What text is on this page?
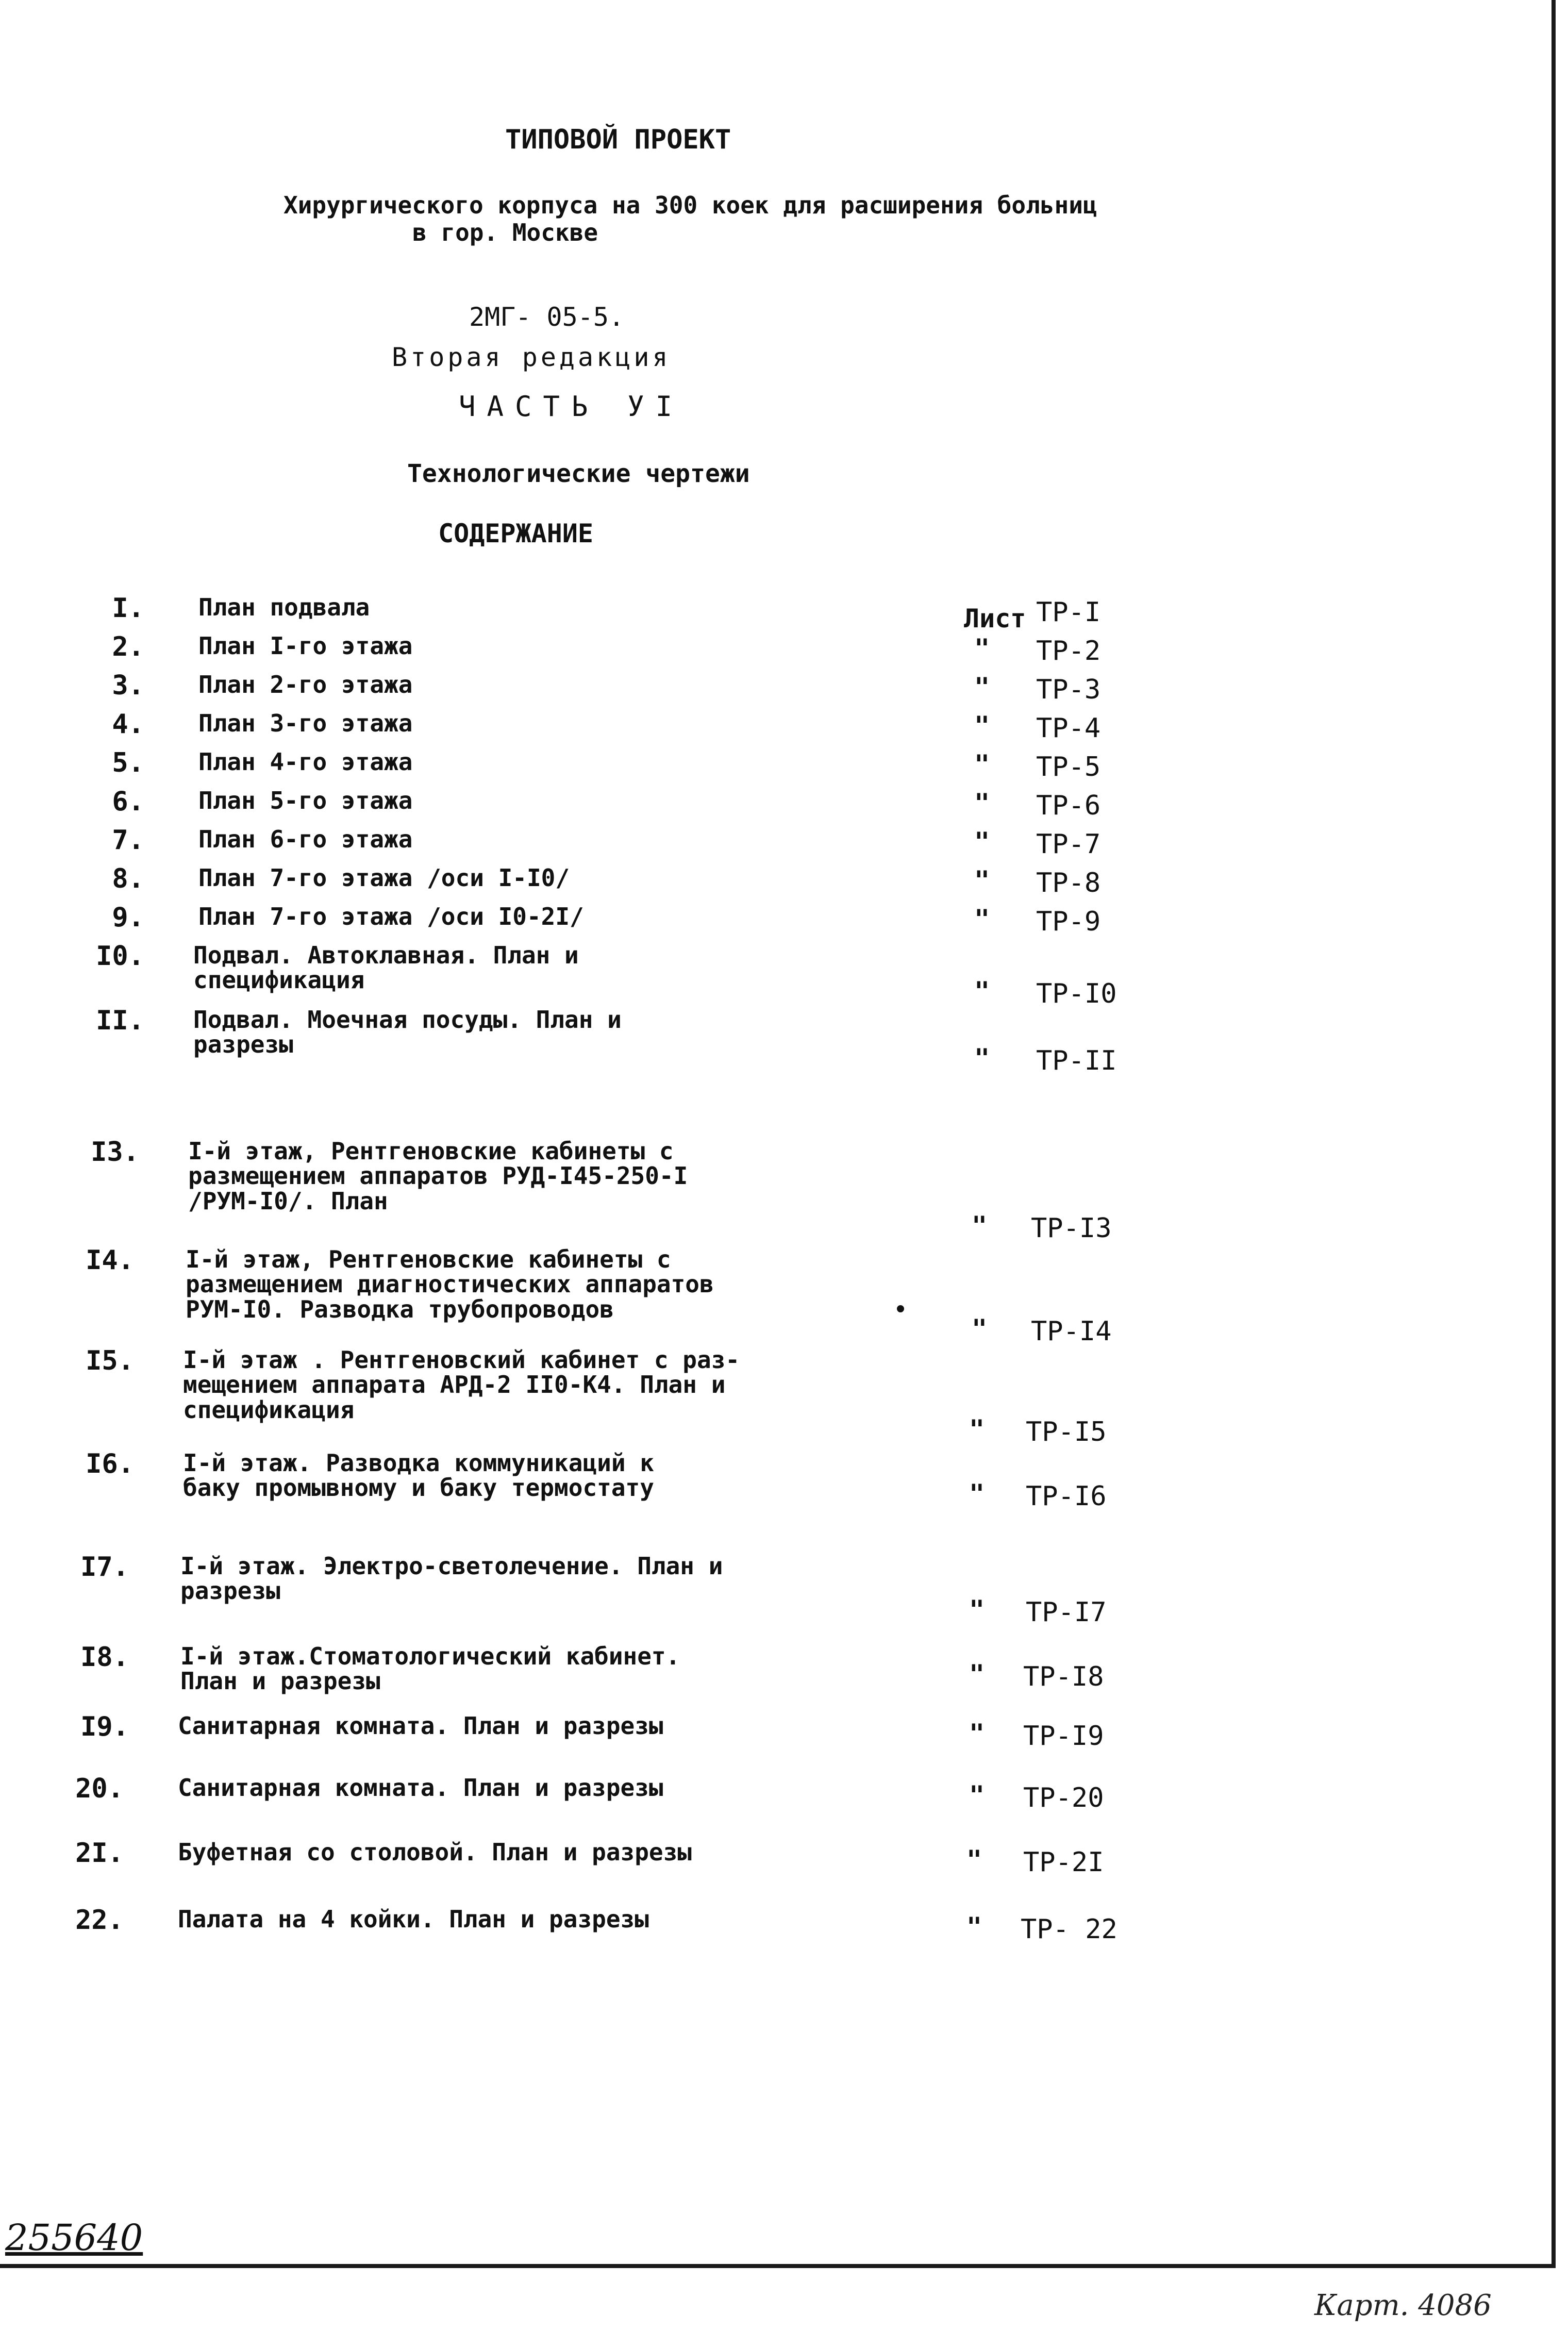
ТИПОВОЙ ПРОЕКТ
Хирургического корпуса на 300 коек для расширения больниц
в гор. Москве
2МГ- 05-5.
Вторая редакция
ЧАСТЬ УI
Технологические чертежи
СОДЕРЖАНИЕ
Лист
I. План подвала	ТР-I
2. План I-го этажа	" ТР-2
3. План 2-го этажа	" ТР-3
4. План 3-го этажа	" ТР-4
5. План 4-го этажа	" ТР-5
6. План 5-го этажа	" ТР-6
7. План 6-го этажа	" ТР-7
8. План 7-го этажа /оси I-I0/	" ТР-8
9. План 7-го этажа /оси I0-2I/	" ТР-9
I0. Подвал. Автоклавная. План и
спецификация	" ТР-I0
II. Подвал. Моечная посуды. План и
разрезы	" ТР-II
I3. I-й этаж, Рентгеновские кабинеты с
размещением аппаратов РУД-I45-250-I
/РУМ-I0/. План
" ТР-I3
I4. I-й этаж, Рентгеновские кабинеты с
размещением диагностических аппаратов
РУМ-I0. Разводка трубопроводов
" ТР-I4
I5. I-й этаж . Рентгеновский кабинет с раз-
мещением аппарата АРД-2 II0-К4. План и
спецификация
" ТР-I5
I6. I-й этаж. Разводка коммуникаций к
баку промывному и баку термостату	" ТР-I6
I7. I-й этаж. Электро-светолечение. План и
разрезы
" ТР-I7
I8. I-й этаж.Стоматологический кабинет.
План и разрезы	" ТР-I8
I9. Санитарная комната. План и разрезы	" ТР-I9
20. Санитарная комната. План и разрезы	" ТР-20
2I. Буфетная со столовой. План и разрезы	" ТР-2I
22. Палата на 4 койки. План и разрезы	" ТР- 22
255640
Карт. 4086
